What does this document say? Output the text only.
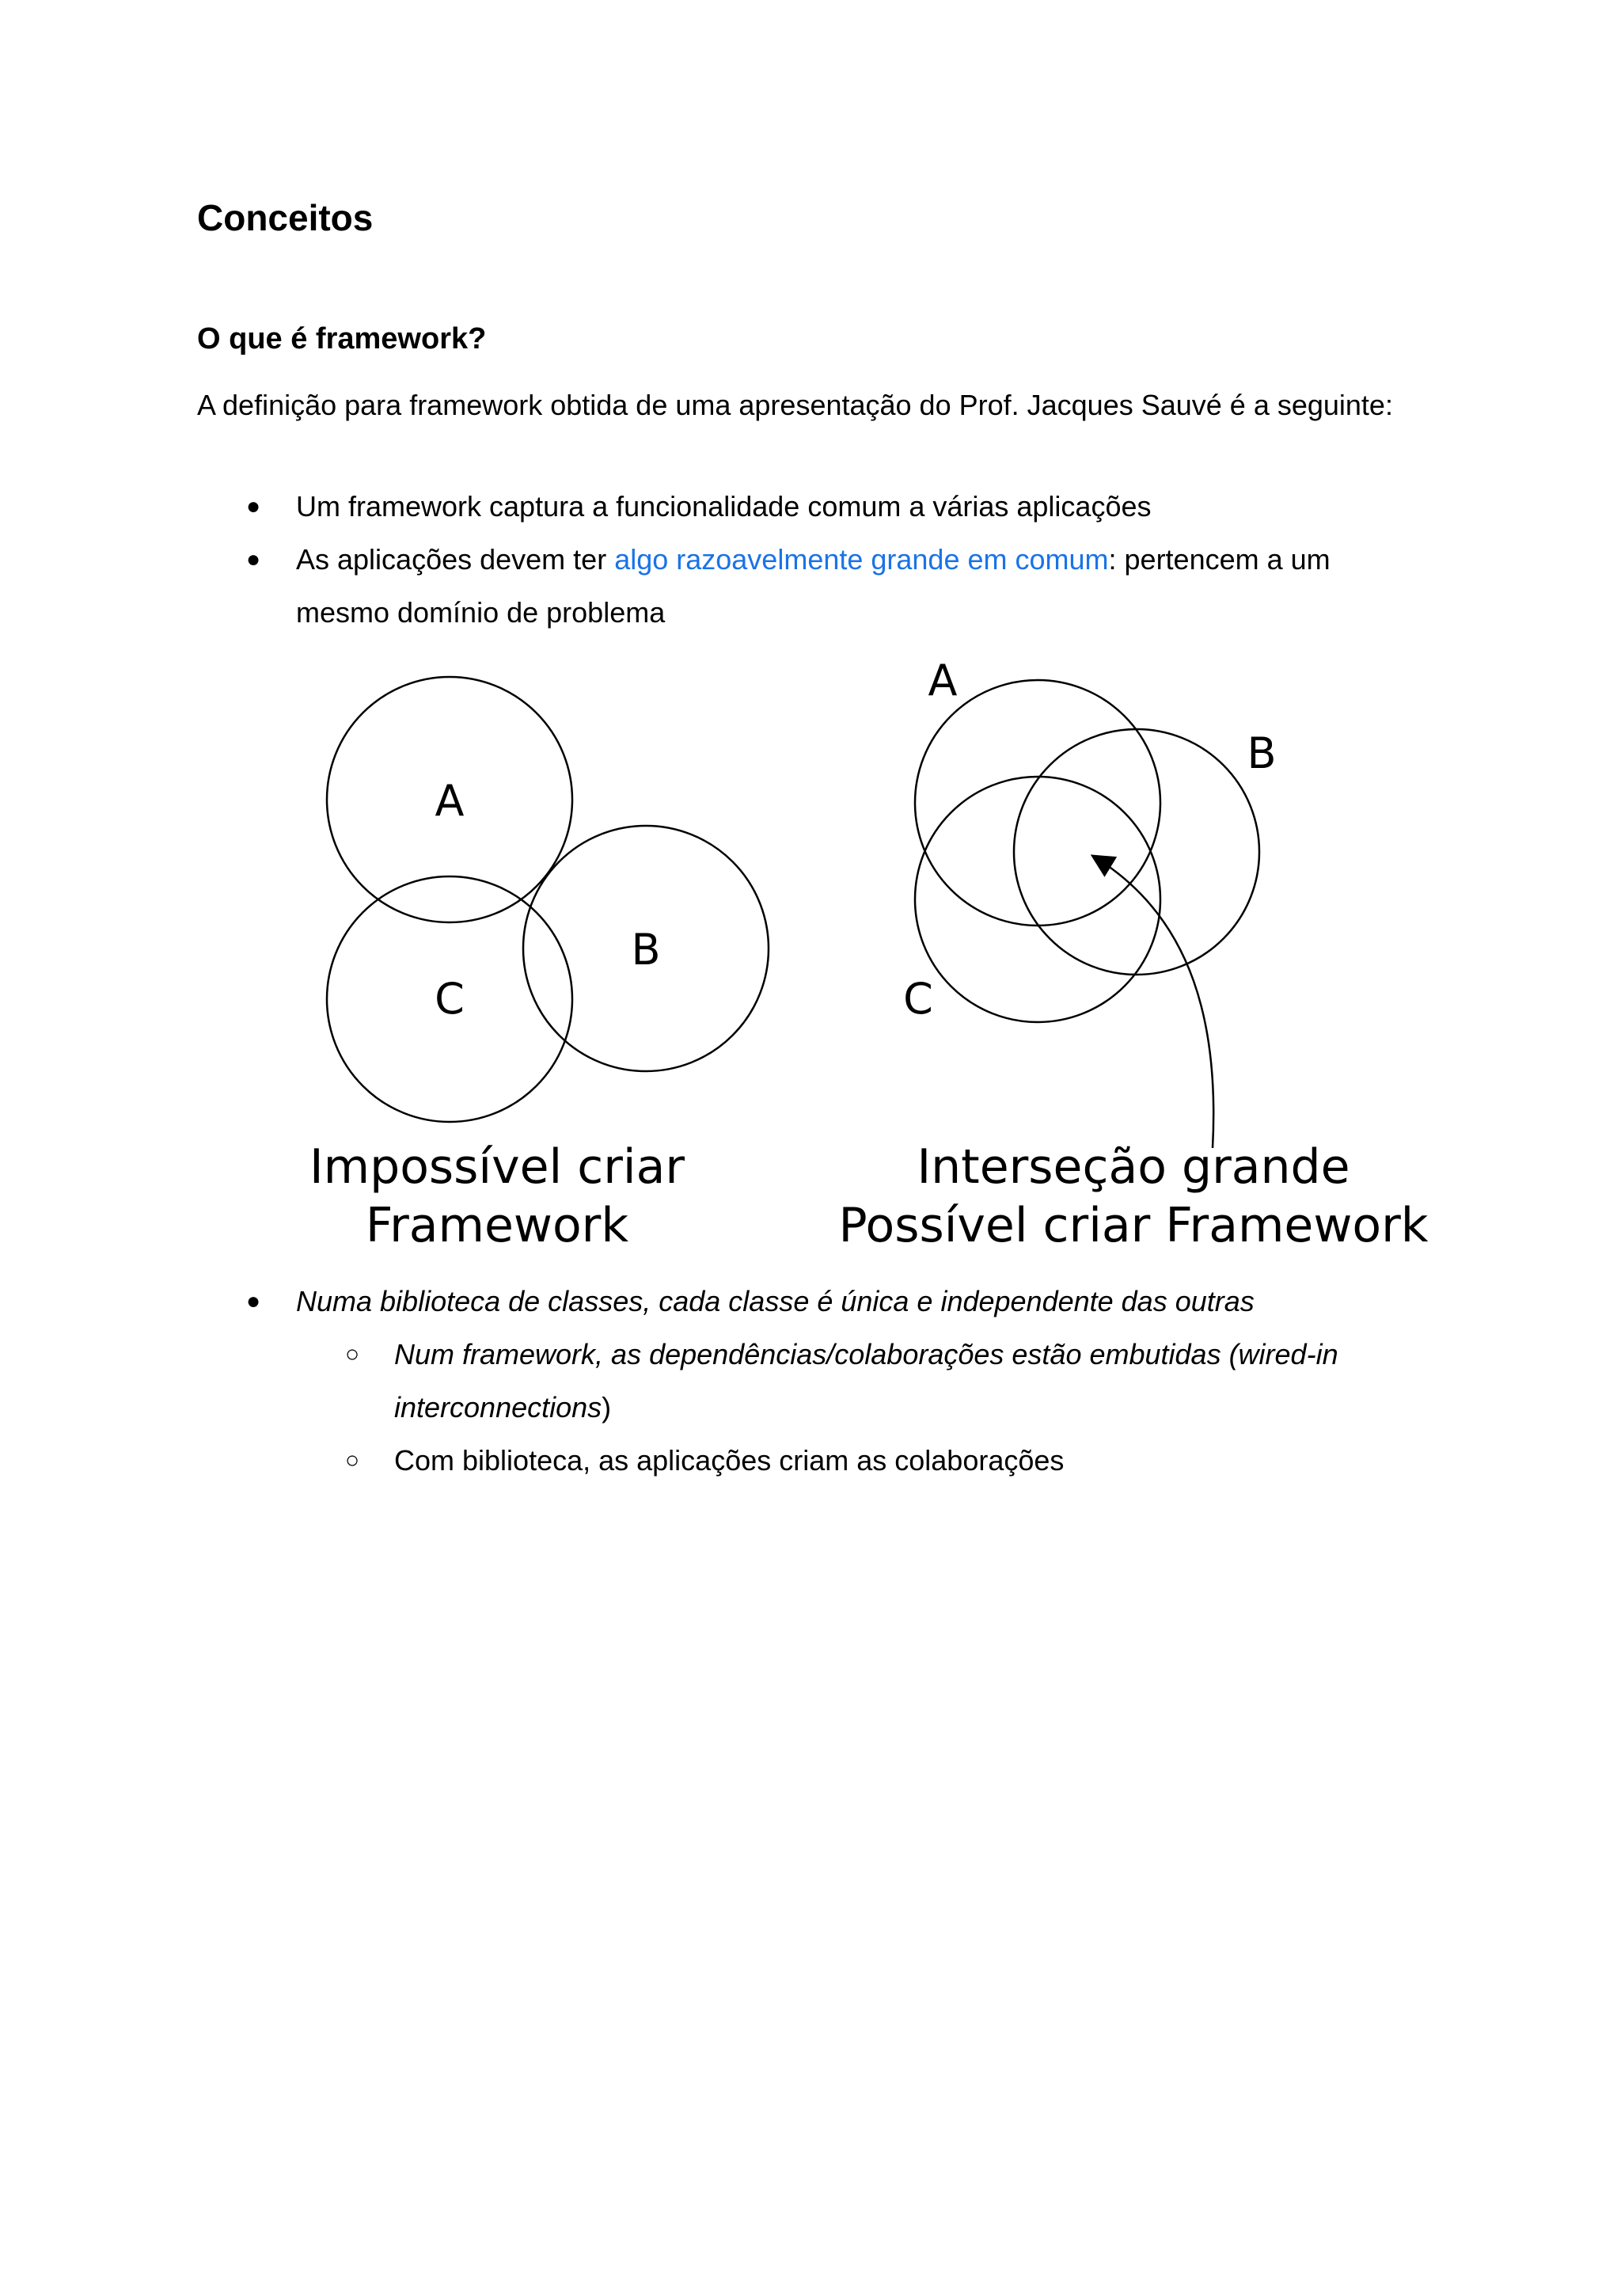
Conceitos
O que é framework?

A definição para framework obtida de uma apresentação do Prof. Jacques Sauvé é a seguinte:

● Um framework captura a funcionalidade comum a várias aplicações
● As aplicações devem ter algo razoavelmente grande em comum: pertencem a um mesmo domínio de problema
A
C
B
A
B
C
Impossível criar
Framework
Interseção grande
Possível criar Framework
● Numa biblioteca de classes, cada classe é única e independente das outras
○ Num framework, as dependências/colaborações estão embutidas (wired-in interconnections)
○ Com biblioteca, as aplicações criam as colaborações
